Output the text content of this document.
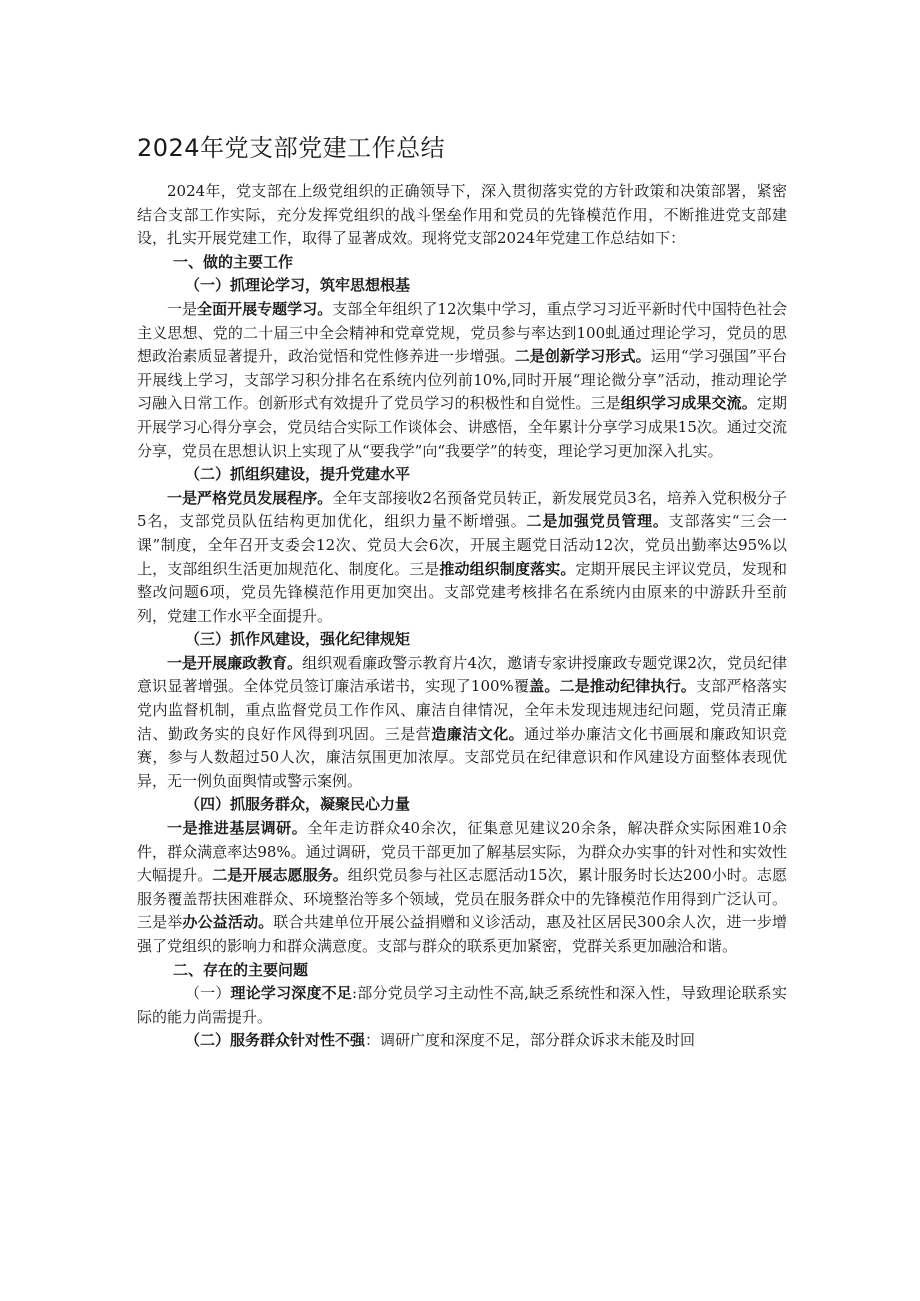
2024年党支部党建工作总结

2024年，党支部在上级党组织的正确领导下，深入贯彻落实党的方针政策和决策部署，紧密结合支部工作实际，充分发挥党组织的战斗堡垒作用和党员的先锋模范作用，不断推进党支部建设，扎实开展党建工作，取得了显著成效。现将党支部2024年党建工作总结如下：

一、做的主要工作

（一）抓理论学习，筑牢思想根基

一是全面开展专题学习。支部全年组织了12次集中学习，重点学习习近平新时代中国特色社会主义思想、党的二十届三中全会精神和党章党规，党员参与率达到100虬通过理论学习，党员的思想政治素质显著提升，政治觉悟和党性修养进一步增强。二是创新学习形式。运用“学习强国”平台开展线上学习，支部学习积分排名在系统内位列前10%,同时开展“理论微分享”活动，推动理论学习融入日常工作。创新形式有效提升了党员学习的积极性和自觉性。三是组织学习成果交流。定期开展学习心得分享会，党员结合实际工作谈体会、讲感悟，全年累计分享学习成果15次。通过交流分享，党员在思想认识上实现了从“要我学”向“我要学”的转变，理论学习更加深入扎实。

（二）抓组织建设，提升党建水平

一是严格党员发展程序。全年支部接收2名预备党员转正，新发展党员3名，培养入党积极分子5名，支部党员队伍结构更加优化，组织力量不断增强。二是加强党员管理。支部落实“三会一课”制度，全年召开支委会12次、党员大会6次，开展主题党日活动12次，党员出勤率达95%以上，支部组织生活更加规范化、制度化。三是推动组织制度落实。定期开展民主评议党员，发现和整改问题6项，党员先锋模范作用更加突出。支部党建考核排名在系统内由原来的中游跃升至前列，党建工作水平全面提升。

（三）抓作风建设，强化纪律规矩

一是开展廉政教育。组织观看廉政警示教育片4次，邀请专家讲授廉政专题党课2次，党员纪律意识显著增强。全体党员签订廉洁承诺书，实现了100%覆盖。二是推动纪律执行。支部严格落实党内监督机制，重点监督党员工作作风、廉洁自律情况，全年未发现违规违纪问题，党员清正廉洁、勤政务实的良好作风得到巩固。三是营造廉洁文化。通过举办廉洁文化书画展和廉政知识竞赛，参与人数超过50人次，廉洁氛围更加浓厚。支部党员在纪律意识和作风建设方面整体表现优异，无一例负面舆情或警示案例。

（四）抓服务群众，凝聚民心力量

一是推进基层调研。全年走访群众40余次，征集意见建议20余条，解决群众实际困难10余件，群众满意率达98%。通过调研，党员干部更加了解基层实际，为群众办实事的针对性和实效性大幅提升。二是开展志愿服务。组织党员参与社区志愿活动15次，累计服务时长达200小时。志愿服务覆盖帮扶困难群众、环境整治等多个领域，党员在服务群众中的先锋模范作用得到广泛认可。三是举办公益活动。联合共建单位开展公益捐赠和义诊活动，惠及社区居民300余人次，进一步增强了党组织的影响力和群众满意度。支部与群众的联系更加紧密，党群关系更加融洽和谐。

二、存在的主要问题

（一）理论学习深度不足:部分党员学习主动性不高,缺乏系统性和深入性，导致理论联系实际的能力尚需提升。

（二）服务群众针对性不强：调研广度和深度不足，部分群众诉求未能及时回
